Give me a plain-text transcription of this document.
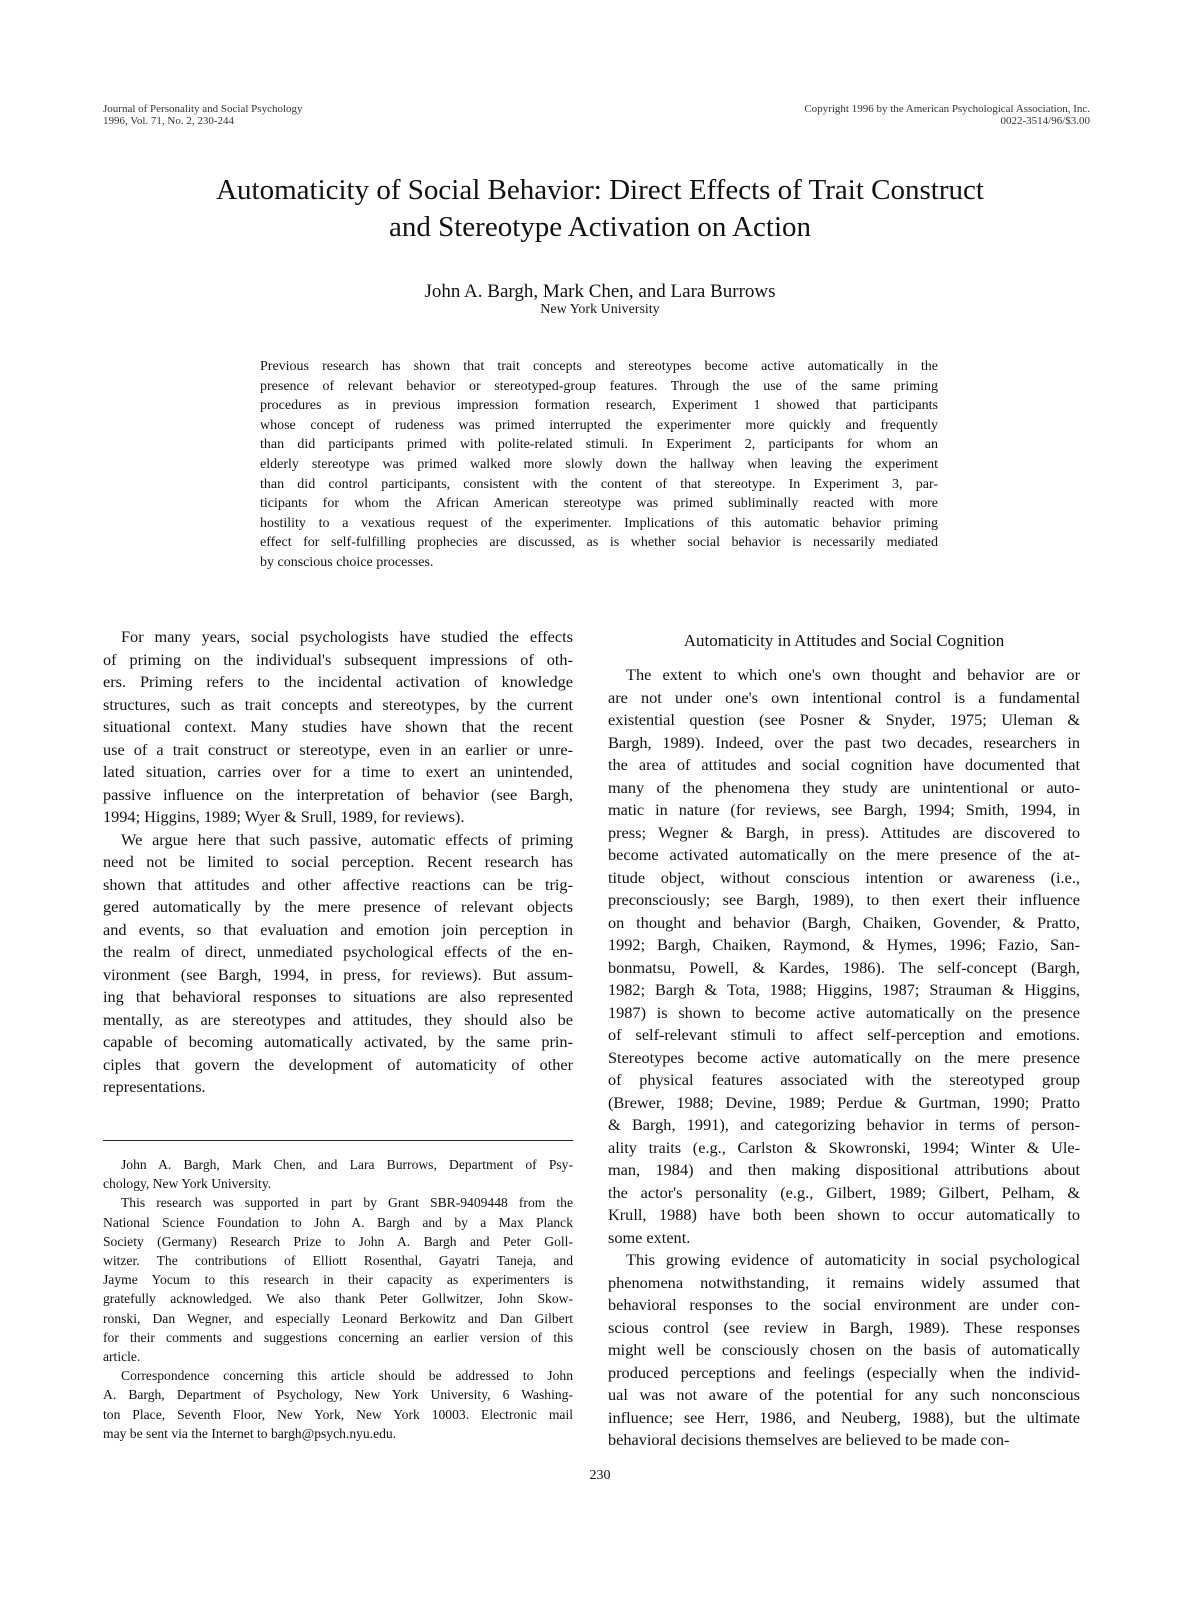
Journal of Personality and Social Psychology
1996, Vol. 71, No. 2, 230-244
Copyright 1996 by the American Psychological Association, Inc.
0022-3514/96/$3.00
Automaticity of Social Behavior: Direct Effects of Trait Construct
and Stereotype Activation on Action
John A. Bargh, Mark Chen, and Lara Burrows
New York University
Previous research has shown that trait concepts and stereotypes become active automatically in the
presence of relevant behavior or stereotyped-group features. Through the use of the same priming
procedures as in previous impression formation research, Experiment 1 showed that participants
whose concept of rudeness was primed interrupted the experimenter more quickly and frequently
than did participants primed with polite-related stimuli. In Experiment 2, participants for whom an
elderly stereotype was primed walked more slowly down the hallway when leaving the experiment
than did control participants, consistent with the content of that stereotype. In Experiment 3, par-
ticipants for whom the African American stereotype was primed subliminally reacted with more
hostility to a vexatious request of the experimenter. Implications of this automatic behavior priming
effect for self-fulfilling prophecies are discussed, as is whether social behavior is necessarily mediated
by conscious choice processes.
For many years, social psychologists have studied the effects
of priming on the individual's subsequent impressions of oth-
ers. Priming refers to the incidental activation of knowledge
structures, such as trait concepts and stereotypes, by the current
situational context. Many studies have shown that the recent
use of a trait construct or stereotype, even in an earlier or unre-
lated situation, carries over for a time to exert an unintended,
passive influence on the interpretation of behavior (see Bargh,
1994; Higgins, 1989; Wyer & Srull, 1989, for reviews).
We argue here that such passive, automatic effects of priming
need not be limited to social perception. Recent research has
shown that attitudes and other affective reactions can be trig-
gered automatically by the mere presence of relevant objects
and events, so that evaluation and emotion join perception in
the realm of direct, unmediated psychological effects of the en-
vironment (see Bargh, 1994, in press, for reviews). But assum-
ing that behavioral responses to situations are also represented
mentally, as are stereotypes and attitudes, they should also be
capable of becoming automatically activated, by the same prin-
ciples that govern the development of automaticity of other
representations.
Automaticity in Attitudes and Social Cognition
The extent to which one's own thought and behavior are or
are not under one's own intentional control is a fundamental
existential question (see Posner & Snyder, 1975; Uleman &
Bargh, 1989). Indeed, over the past two decades, researchers in
the area of attitudes and social cognition have documented that
many of the phenomena they study are unintentional or auto-
matic in nature (for reviews, see Bargh, 1994; Smith, 1994, in
press; Wegner & Bargh, in press). Attitudes are discovered to
become activated automatically on the mere presence of the at-
titude object, without conscious intention or awareness (i.e.,
preconsciously; see Bargh, 1989), to then exert their influence
on thought and behavior (Bargh, Chaiken, Govender, & Pratto,
1992; Bargh, Chaiken, Raymond, & Hymes, 1996; Fazio, San-
bonmatsu, Powell, & Kardes, 1986). The self-concept (Bargh,
1982; Bargh & Tota, 1988; Higgins, 1987; Strauman & Higgins,
1987) is shown to become active automatically on the presence
of self-relevant stimuli to affect self-perception and emotions.
Stereotypes become active automatically on the mere presence
of physical features associated with the stereotyped group
(Brewer, 1988; Devine, 1989; Perdue & Gurtman, 1990; Pratto
& Bargh, 1991), and categorizing behavior in terms of person-
ality traits (e.g., Carlston & Skowronski, 1994; Winter & Ule-
man, 1984) and then making dispositional attributions about
the actor's personality (e.g., Gilbert, 1989; Gilbert, Pelham, &
Krull, 1988) have both been shown to occur automatically to
some extent.
This growing evidence of automaticity in social psychological
phenomena notwithstanding, it remains widely assumed that
behavioral responses to the social environment are under con-
scious control (see review in Bargh, 1989). These responses
might well be consciously chosen on the basis of automatically
produced perceptions and feelings (especially when the individ-
ual was not aware of the potential for any such nonconscious
influence; see Herr, 1986, and Neuberg, 1988), but the ultimate
behavioral decisions themselves are believed to be made con-
John A. Bargh, Mark Chen, and Lara Burrows, Department of Psy-
chology, New York University.
This research was supported in part by Grant SBR-9409448 from the
National Science Foundation to John A. Bargh and by a Max Planck
Society (Germany) Research Prize to John A. Bargh and Peter Goll-
witzer. The contributions of Elliott Rosenthal, Gayatri Taneja, and
Jayme Yocum to this research in their capacity as experimenters is
gratefully acknowledged. We also thank Peter Gollwitzer, John Skow-
ronski, Dan Wegner, and especially Leonard Berkowitz and Dan Gilbert
for their comments and suggestions concerning an earlier version of this
article.
Correspondence concerning this article should be addressed to John
A. Bargh, Department of Psychology, New York University, 6 Washing-
ton Place, Seventh Floor, New York, New York 10003. Electronic mail
may be sent via the Internet to bargh@psych.nyu.edu.
230
